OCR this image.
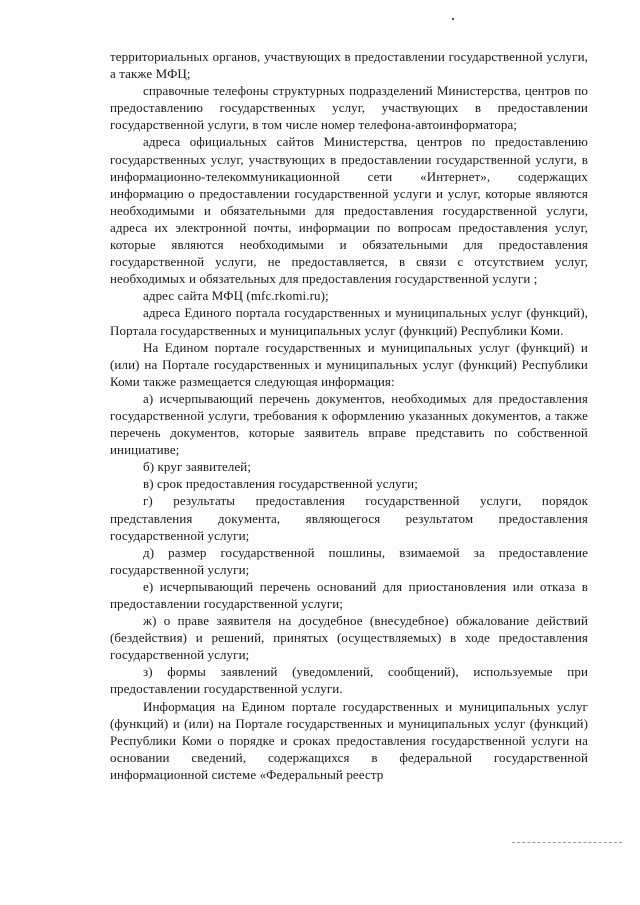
территориальных органов, участвующих в предоставлении государственной услуги, а также МФЦ;

справочные телефоны структурных подразделений Министерства, центров по предоставлению государственных услуг, участвующих в предоставлении государственной услуги, в том числе номер телефона-автоинформатора;

адреса официальных сайтов Министерства, центров по предоставлению государственных услуг, участвующих в предоставлении государственной услуги, в информационно-телекоммуникационной сети «Интернет», содержащих информацию о предоставлении государственной услуги и услуг, которые являются необходимыми и обязательными для предоставления государственной услуги, адреса их электронной почты, информации по вопросам предоставления услуг, которые являются необходимыми и обязательными для предоставления государственной услуги, не предоставляется, в связи с отсутствием услуг, необходимых и обязательных для предоставления государственной услуги ;

адрес сайта МФЦ (mfc.rkomi.ru);

адреса Единого портала государственных и муниципальных услуг (функций), Портала государственных и муниципальных услуг (функций) Республики Коми.

На Едином портале государственных и муниципальных услуг (функций) и (или) на Портале государственных и муниципальных услуг (функций) Республики Коми также размещается следующая информация:

а) исчерпывающий перечень документов, необходимых для предоставления государственной услуги, требования к оформлению указанных документов, а также перечень документов, которые заявитель вправе представить по собственной инициативе;

б) круг заявителей;

в) срок предоставления государственной услуги;

г) результаты предоставления государственной услуги, порядок представления документа, являющегося результатом предоставления государственной услуги;

д) размер государственной пошлины, взимаемой за предоставление государственной услуги;

е) исчерпывающий перечень оснований для приостановления или отказа в предоставлении государственной услуги;

ж) о праве заявителя на досудебное (внесудебное) обжалование действий (бездействия) и решений, принятых (осуществляемых) в ходе предоставления государственной услуги;

з) формы заявлений (уведомлений, сообщений), используемые при предоставлении государственной услуги.

Информация на Едином портале государственных и муниципальных услуг (функций) и (или) на Портале государственных и муниципальных услуг (функций) Республики Коми о порядке и сроках предоставления государственной услуги на основании сведений, содержащихся в федеральной государственной информационной системе «Федеральный реестр
